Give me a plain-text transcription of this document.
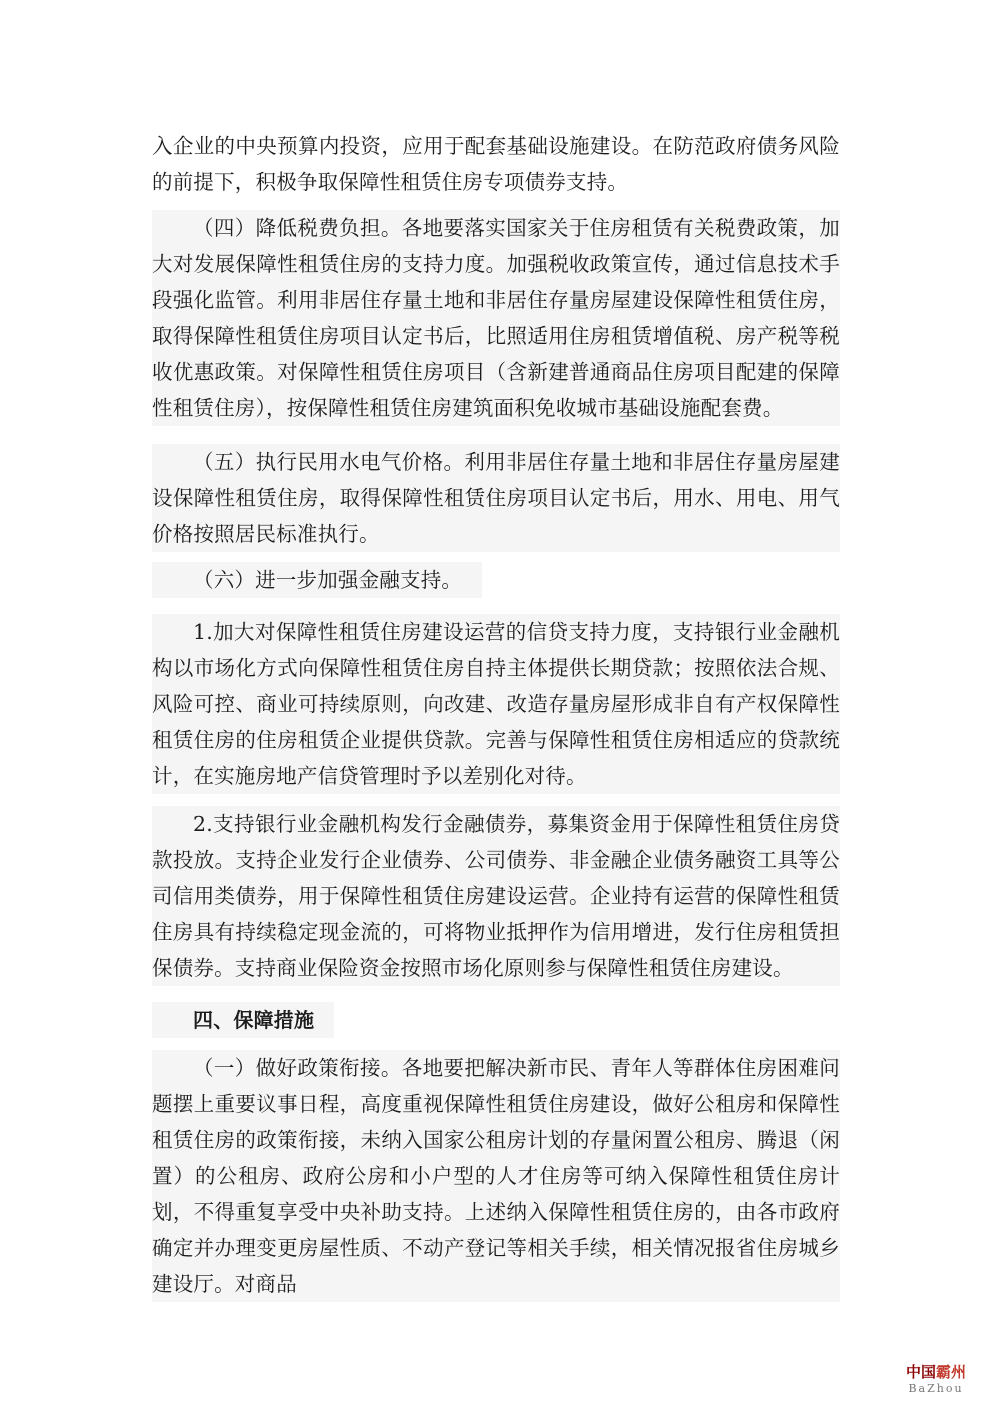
入企业的中央预算内投资，应用于配套基础设施建设。在防范政府债务风险的前提下，积极争取保障性租赁住房专项债券支持。

（四）降低税费负担。各地要落实国家关于住房租赁有关税费政策，加大对发展保障性租赁住房的支持力度。加强税收政策宣传，通过信息技术手段强化监管。利用非居住存量土地和非居住存量房屋建设保障性租赁住房，取得保障性租赁住房项目认定书后，比照适用住房租赁增值税、房产税等税收优惠政策。对保障性租赁住房项目（含新建普通商品住房项目配建的保障性租赁住房），按保障性租赁住房建筑面积免收城市基础设施配套费。

（五）执行民用水电气价格。利用非居住存量土地和非居住存量房屋建设保障性租赁住房，取得保障性租赁住房项目认定书后，用水、用电、用气价格按照居民标准执行。

（六）进一步加强金融支持。

1.加大对保障性租赁住房建设运营的信贷支持力度，支持银行业金融机构以市场化方式向保障性租赁住房自持主体提供长期贷款；按照依法合规、风险可控、商业可持续原则，向改建、改造存量房屋形成非自有产权保障性租赁住房的住房租赁企业提供贷款。完善与保障性租赁住房相适应的贷款统计，在实施房地产信贷管理时予以差别化对待。

2.支持银行业金融机构发行金融债券，募集资金用于保障性租赁住房贷款投放。支持企业发行企业债券、公司债券、非金融企业债务融资工具等公司信用类债券，用于保障性租赁住房建设运营。企业持有运营的保障性租赁住房具有持续稳定现金流的，可将物业抵押作为信用增进，发行住房租赁担保债券。支持商业保险资金按照市场化原则参与保障性租赁住房建设。

四、保障措施

（一）做好政策衔接。各地要把解决新市民、青年人等群体住房困难问题摆上重要议事日程，高度重视保障性租赁住房建设，做好公租房和保障性租赁住房的政策衔接，未纳入国家公租房计划的存量闲置公租房、腾退（闲置）的公租房、政府公房和小户型的人才住房等可纳入保障性租赁住房计划，不得重复享受中央补助支持。上述纳入保障性租赁住房的，由各市政府确定并办理变更房屋性质、不动产登记等相关手续，相关情况报省住房城乡建设厅。对商品

中国霸州
BaZhou
